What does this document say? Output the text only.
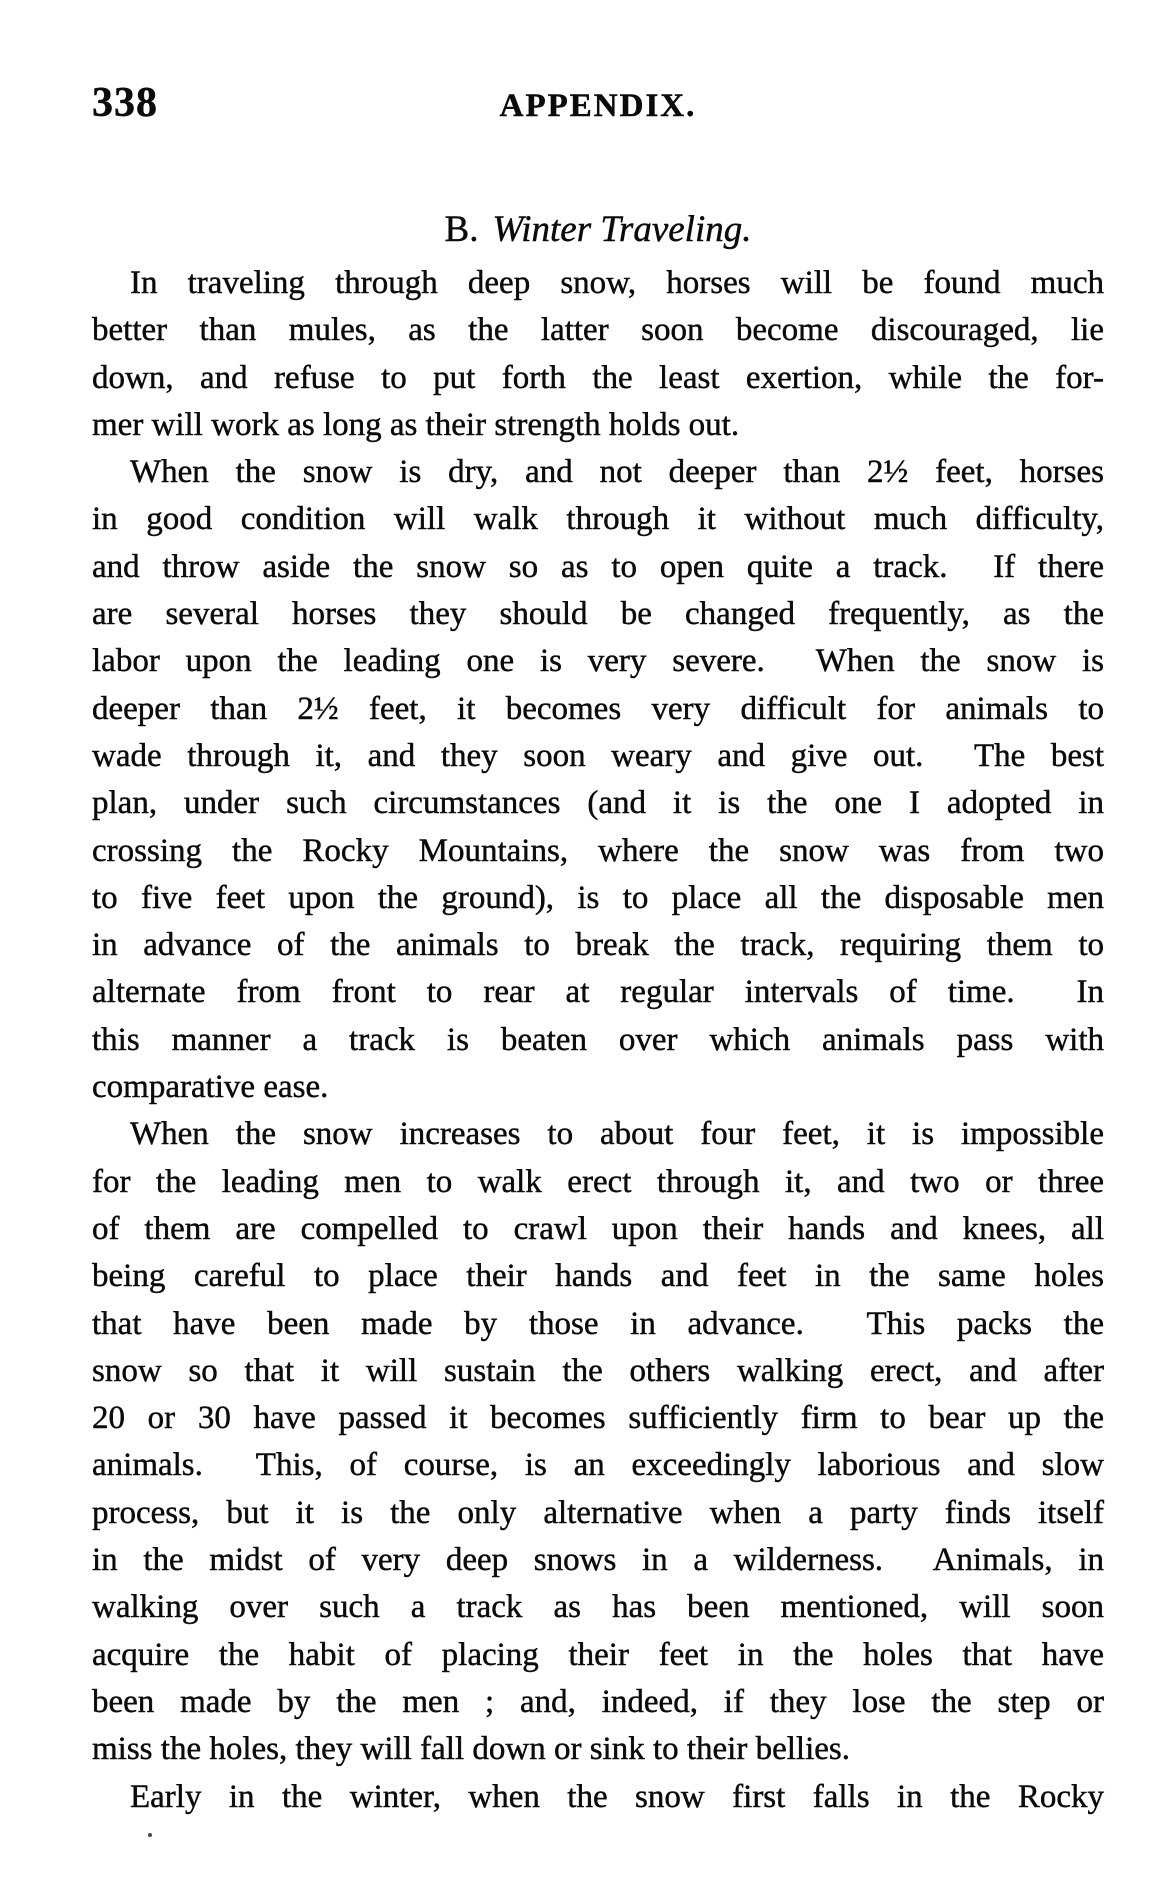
338	APPENDIX.
B. Winter Traveling.
In traveling through deep snow, horses will be found much
better than mules, as the latter soon become discouraged, lie
down, and refuse to put forth the least exertion, while the for-
mer will work as long as their strength holds out.
When the snow is dry, and not deeper than 2½ feet, horses
in good condition will walk through it without much difficulty,
and throw aside the snow so as to open quite a track.  If there
are several horses they should be changed frequently, as the
labor upon the leading one is very severe.  When the snow is
deeper than 2½ feet, it becomes very difficult for animals to
wade through it, and they soon weary and give out.  The best
plan, under such circumstances (and it is the one I adopted in
crossing the Rocky Mountains, where the snow was from two
to five feet upon the ground), is to place all the disposable men
in advance of the animals to break the track, requiring them to
alternate from front to rear at regular intervals of time.  In
this manner a track is beaten over which animals pass with
comparative ease.
When the snow increases to about four feet, it is impossible
for the leading men to walk erect through it, and two or three
of them are compelled to crawl upon their hands and knees, all
being careful to place their hands and feet in the same holes
that have been made by those in advance.  This packs the
snow so that it will sustain the others walking erect, and after
20 or 30 have passed it becomes sufficiently firm to bear up the
animals.  This, of course, is an exceedingly laborious and slow
process, but it is the only alternative when a party finds itself
in the midst of very deep snows in a wilderness.  Animals, in
walking over such a track as has been mentioned, will soon
acquire the habit of placing their feet in the holes that have
been made by the men ; and, indeed, if they lose the step or
miss the holes, they will fall down or sink to their bellies.
Early in the winter, when the snow first falls in the Rocky
